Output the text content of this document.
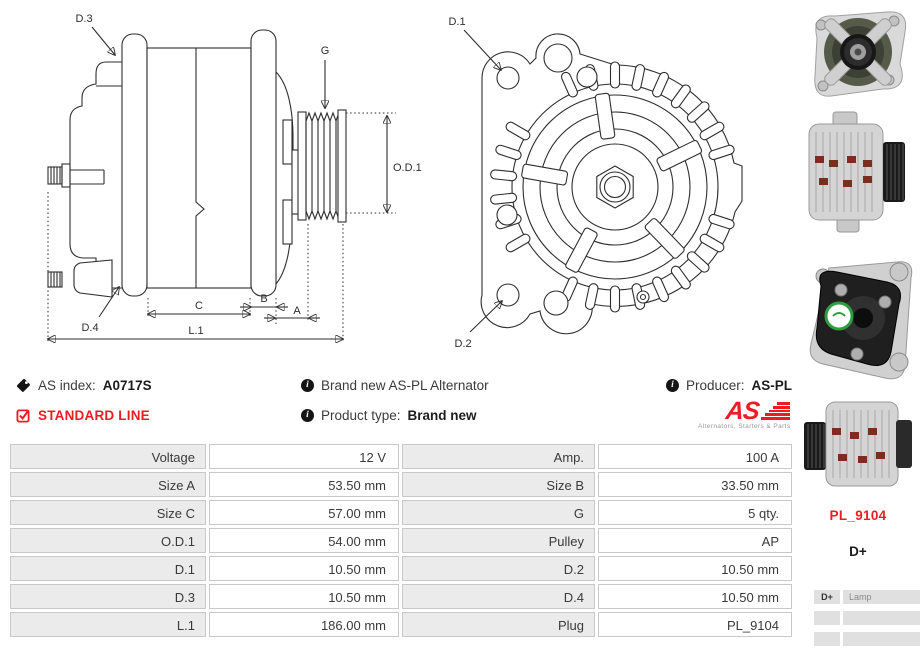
D.3
G
O.D.1
D.4
C
B
A
L.1
D.1
D.2
AS index: A0717S	i Brand new AS-PL Alternator	i Producer: AS-PL
STANDARD LINE	i Product type: Brand new	AS
Alternators, Starters & Parts
Voltage	12 V	Amp.	100 A
Size A	53.50 mm	Size B	33.50 mm
Size C	57.00 mm	G	5 qty.
O.D.1	54.00 mm	Pulley	AP
D.1	10.50 mm	D.2	10.50 mm
D.3	10.50 mm	D.4	10.50 mm
L.1	186.00 mm	Plug	PL_9104
PL_9104
D+
D+	Lamp
